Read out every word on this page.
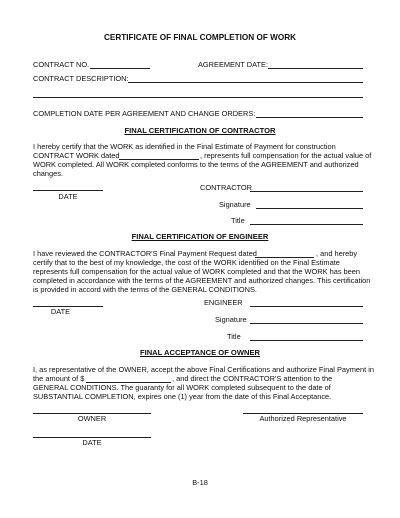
CERTIFICATE OF FINAL COMPLETION OF WORK
CONTRACT NO.	AGREEMENT DATE:
CONTRACT DESCRIPTION:
COMPLETION DATE PER AGREEMENT AND CHANGE ORDERS:
FINAL CERTIFICATION OF CONTRACTOR
I hereby certify that the WORK as identified in the Final Estimate of Payment for construction
CONTRACT WORK dated	, represents full compensation for the actual value of
WORK completed. All WORK completed conforms to the terms of the AGREEMENT and authorized
changes.
DATE
CONTRACTOR
Signature
Title
FINAL CERTIFICATION OF ENGINEER
I have reviewed the CONTRACTOR'S Final Payment Request dated	, and hereby
certify that to the best of my knowledge, the cost of the WORK identified on the Final Estimate
represents full compensation for the actual value of WORK completed and that the WORK has been
completed in accordance with the terms of the AGREEMENT and authorized changes. This certification
is provided in accord with the terms of the GENERAL CONDITIONS.
DATE
ENGINEER
Signature
Title
FINAL ACCEPTANCE OF OWNER
I, as representative of the OWNER, accept the above Final Certifications and authorize Final Payment in
the amount of $	, and direct the CONTRACTOR'S attention to the
GENERAL CONDITIONS. The guaranty for all WORK completed subsequent to the date of
SUBSTANTIAL COMPLETION, expires one (1) year from the date of this Final Acceptance.
OWNER	Authorized Representative
DATE
B-18
